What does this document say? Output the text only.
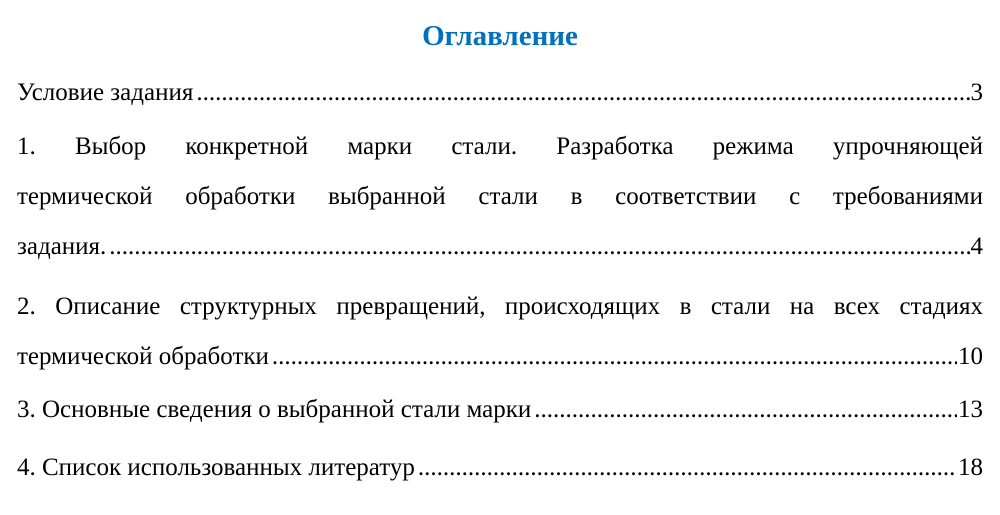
Оглавление
Условие задания .....	3
1. Выбор конкретной марки стали. Разработка режима упрочняющей
термической обработки выбранной стали в соответствии с требованиями
задания. .....	4
2. Описание структурных превращений, происходящих в стали на всех стадиях
термической обработки .....	10
3. Основные сведения о выбранной стали марки .....	13
4. Список использованных литератур .....	18
